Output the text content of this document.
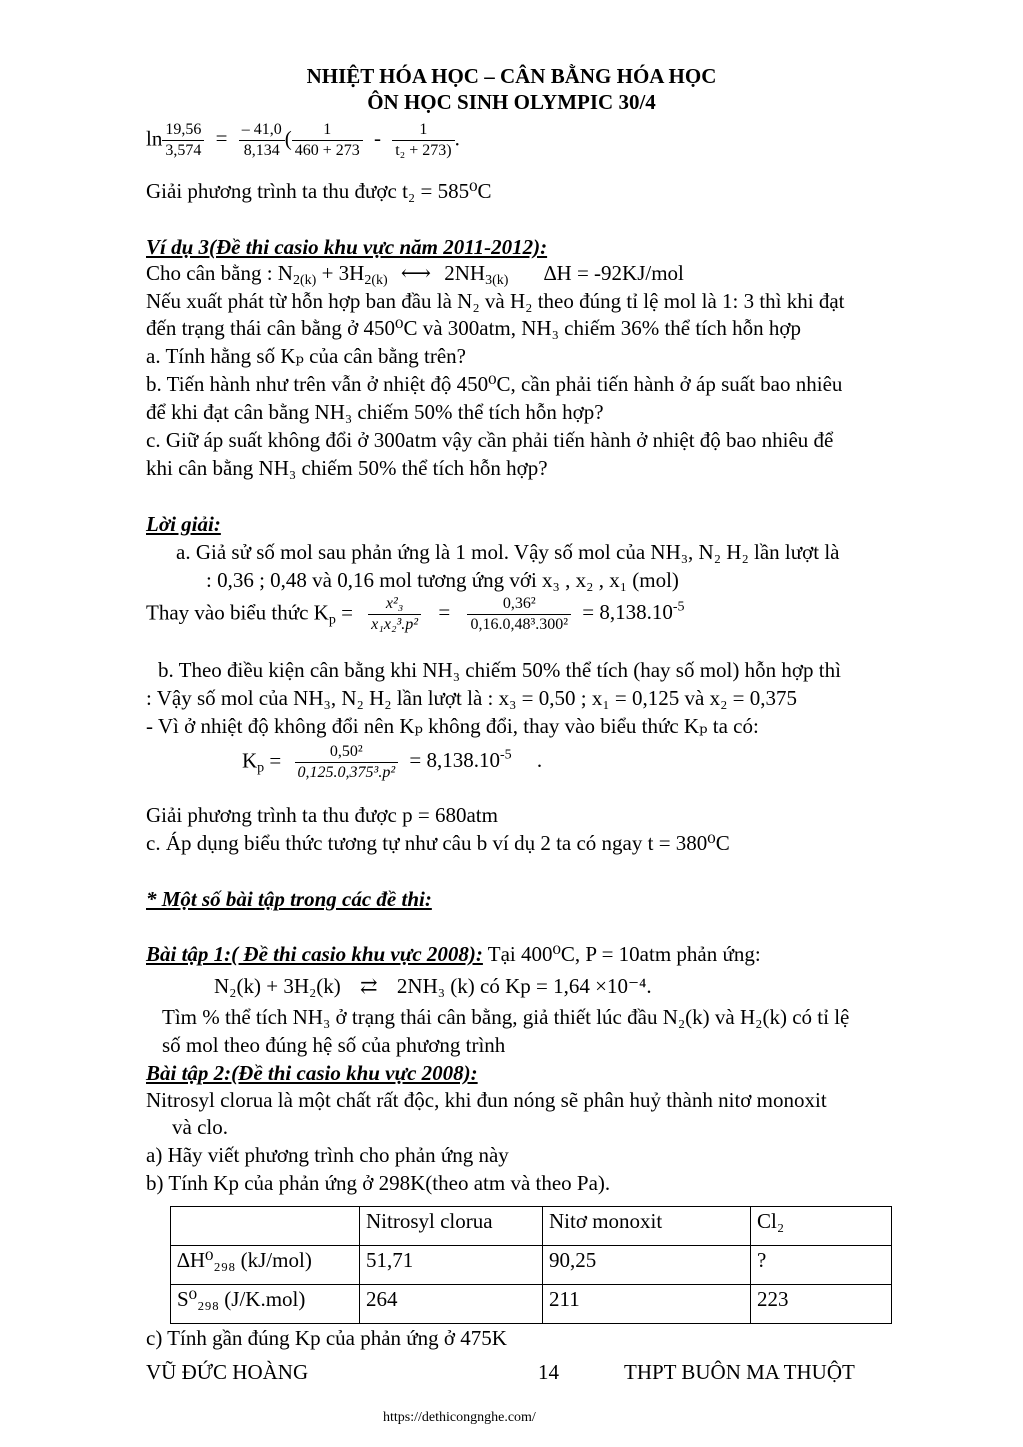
NHIỆT HÓA HỌC – CÂN BẰNG HÓA HỌC
ÔN HỌC SINH OLYMPIC 30/4
$\ln \frac{19,56}{3,574} = \frac{- 41,0}{8,134}$ ( $\frac{1}{460 + 273} - \frac{1}{\text{t₂ + 273)}}$ .
Giải phương trình ta thu được t₂ = 585⁰C
Ví dụ 3(Đề thi casio khu vực năm 2011-2012):
Cho cân bằng : $N_{2(k)} + 3H_{2(k)}$ ⟷ $2NH_{3(k)}$ ∆H = -92KJ/mol
Nếu xuất phát từ hỗn hợp ban đầu là N₂ và H₂ theo đúng tỉ lệ mol là 1: 3 thì khi đạt
đến trạng thái cân bằng ở 450⁰C và 300atm, NH₃ chiếm 36% thể tích hỗn hợp
a. Tính hằng số Kₚ của cân bằng trên?
b. Tiến hành như trên vẫn ở nhiệt độ 450⁰C, cần phải tiến hành ở áp suất bao nhiêu
để khi đạt cân bằng NH₃ chiếm 50% thể tích hỗn hợp?
c. Giữ áp suất không đổi ở 300atm vậy cần phải tiến hành ở nhiệt độ bao nhiêu để
khi cân bằng NH₃ chiếm 50% thể tích hỗn hợp?
Lời giải:
a. Giả sử số mol sau phản ứng là 1 mol. Vậy số mol của NH₃, N₂ H₂ lần lượt là
: 0,36 ; 0,48 và 0,16 mol tương ứng với x₃ , x₂ , x₁ (mol)
Thay vào biểu thức $K_p = \frac{\text{x²₃}}{\text{x₁x₂³.p²}} = \frac{\text{0,36²}}{\text{0,16.0,48³.300²}} = 8,138.10^{-5}$
b. Theo điều kiện cân bằng khi NH₃ chiếm 50% thể tích (hay số mol) hỗn hợp thì
: Vậy số mol của NH₃, N₂ H₂ lần lượt là : x₃ = 0,50 ; x₁ = 0,125 và x₂ = 0,375
- Vì ở nhiệt độ không đổi nên Kₚ không đổi, thay vào biểu thức Kₚ ta có:
$K_p = \frac{\text{0,50²}}{\text{0,125.0,375³.p²}} = 8,138.10^{-5}$ .
Giải phương trình ta thu được p = 680atm
c. Áp dụng biểu thức tương tự như câu b ví dụ 2 ta có ngay t = 380⁰C
* Một số bài tập trong các đề thi:
Bài tập 1:( Đề thi casio khu vực 2008): Tại 400⁰C, P = 10atm phản ứng:
N₂(k) + 3H₂(k) ⇄ 2NH₃ (k) có Kp = 1,64 ×10⁻⁴.
Tìm % thể tích NH₃ ở trạng thái cân bằng, giả thiết lúc đầu N₂(k) và H₂(k) có tỉ lệ
số mol theo đúng hệ số của phương trình
Bài tập 2:(Đề thi casio khu vực 2008):
Nitrosyl clorua là một chất rất độc, khi đun nóng sẽ phân huỷ thành nitơ monoxit
và clo.
a) Hãy viết phương trình cho phản ứng này
b) Tính Kp của phản ứng ở 298K(theo atm và theo Pa).
	Nitrosyl clorua	Nitơ monoxit	Cl₂
∆H⁰₂₉₈ (kJ/mol)	51,71	90,25	?
S⁰₂₉₈ (J/K.mol)	264	211	223
c) Tính gần đúng Kp của phản ứng ở 475K
VŨ ĐỨC HOÀNG	14	THPT BUÔN MA THUỘT
https://dethicongnghe.com/
